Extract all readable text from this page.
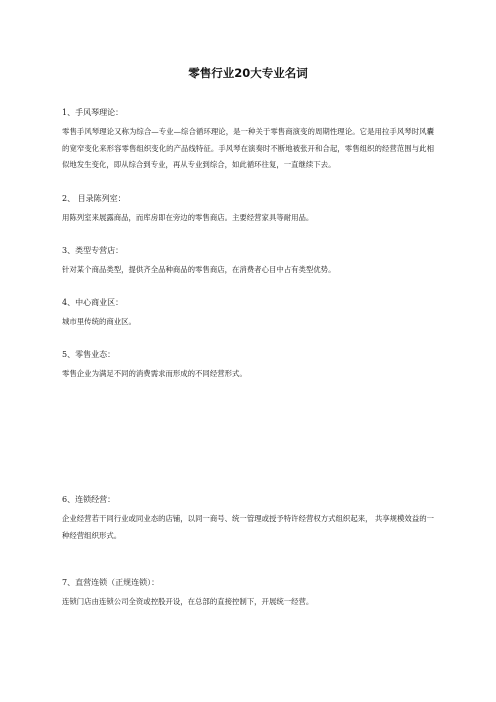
零售行业20大专业名词
1、手风琴理论：

零售手风琴理论又称为综合—专业—综合循环理论，是一种关于零售商演变的周期性理论。它是用拉手风琴时风囊的宽窄变化来形容零售组织变化的产品线特征。手风琴在演奏时不断地被张开和合起，零售组织的经营范围与此相似地发生变化，即从综合到专业，再从专业到综合，如此循环往复，一直继续下去。

2、 目录陈列室：

用陈列室来展露商品，而库房即在旁边的零售商店。主要经营家具等耐用品。

3、类型专营店：

针对某个商品类型，提供齐全品种商品的零售商店，在消费者心目中占有类型优势。

4、中心商业区：

城市里传统的商业区。

5、零售业态：

零售企业为满足不同的消费需求而形成的不同经营形式。

6、连锁经营：

企业经营若干同行业或同业态的店铺，以同一商号、统一管理或授予特许经营权方式组织起来， 共享规模效益的一种经营组织形式。

7、直营连锁（正规连锁）：

连锁门店由连锁公司全资或控股开设，在总部的直接控制下，开展统一经营。
